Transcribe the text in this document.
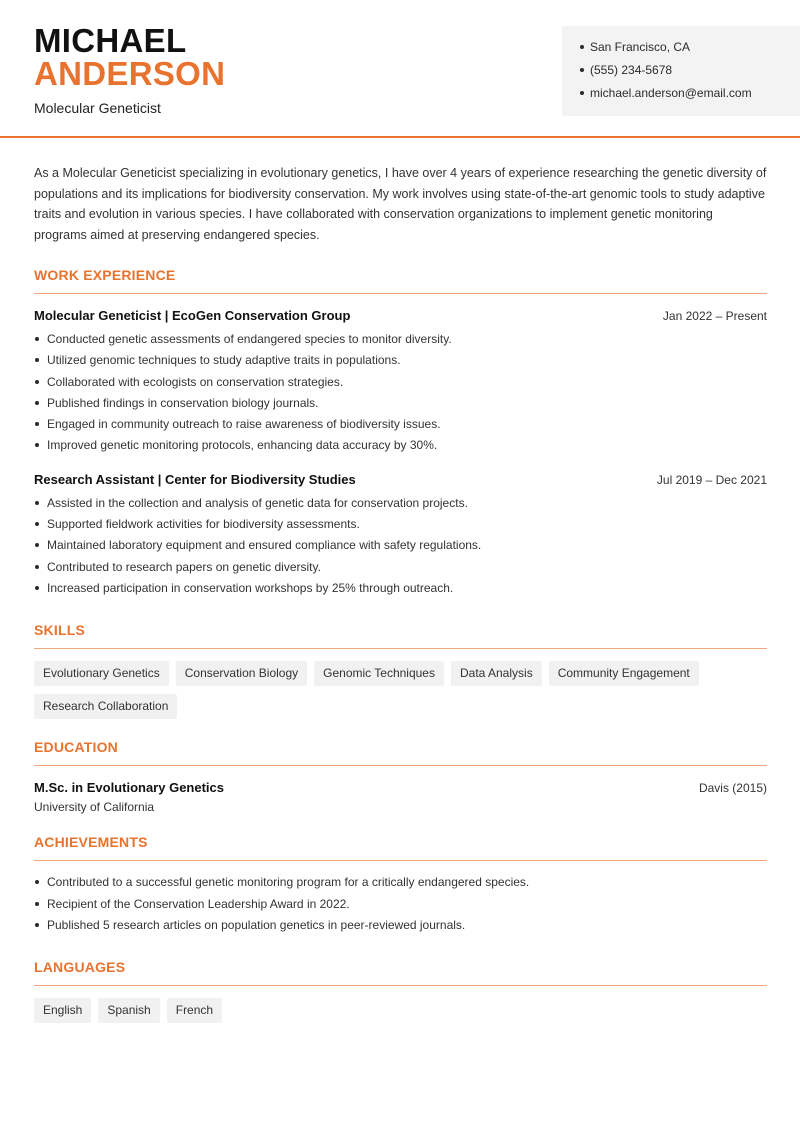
MICHAEL
ANDERSON
Molecular Geneticist
San Francisco, CA
(555) 234-5678
michael.anderson@email.com

As a Molecular Geneticist specializing in evolutionary genetics, I have over 4 years of experience researching the genetic diversity of populations and its implications for biodiversity conservation. My work involves using state-of-the-art genomic tools to study adaptive traits and evolution in various species. I have collaborated with conservation organizations to implement genetic monitoring programs aimed at preserving endangered species.

WORK EXPERIENCE
Molecular Geneticist | EcoGen Conservation Group	Jan 2022 – Present
Conducted genetic assessments of endangered species to monitor diversity.
Utilized genomic techniques to study adaptive traits in populations.
Collaborated with ecologists on conservation strategies.
Published findings in conservation biology journals.
Engaged in community outreach to raise awareness of biodiversity issues.
Improved genetic monitoring protocols, enhancing data accuracy by 30%.
Research Assistant | Center for Biodiversity Studies	Jul 2019 – Dec 2021
Assisted in the collection and analysis of genetic data for conservation projects.
Supported fieldwork activities for biodiversity assessments.
Maintained laboratory equipment and ensured compliance with safety regulations.
Contributed to research papers on genetic diversity.
Increased participation in conservation workshops by 25% through outreach.
SKILLS
Evolutionary Genetics	Conservation Biology	Genomic Techniques	Data Analysis	Community Engagement
Research Collaboration
EDUCATION
M.Sc. in Evolutionary Genetics	Davis (2015)
University of California
ACHIEVEMENTS
Contributed to a successful genetic monitoring program for a critically endangered species.
Recipient of the Conservation Leadership Award in 2022.
Published 5 research articles on population genetics in peer-reviewed journals.
LANGUAGES
English	Spanish	French
